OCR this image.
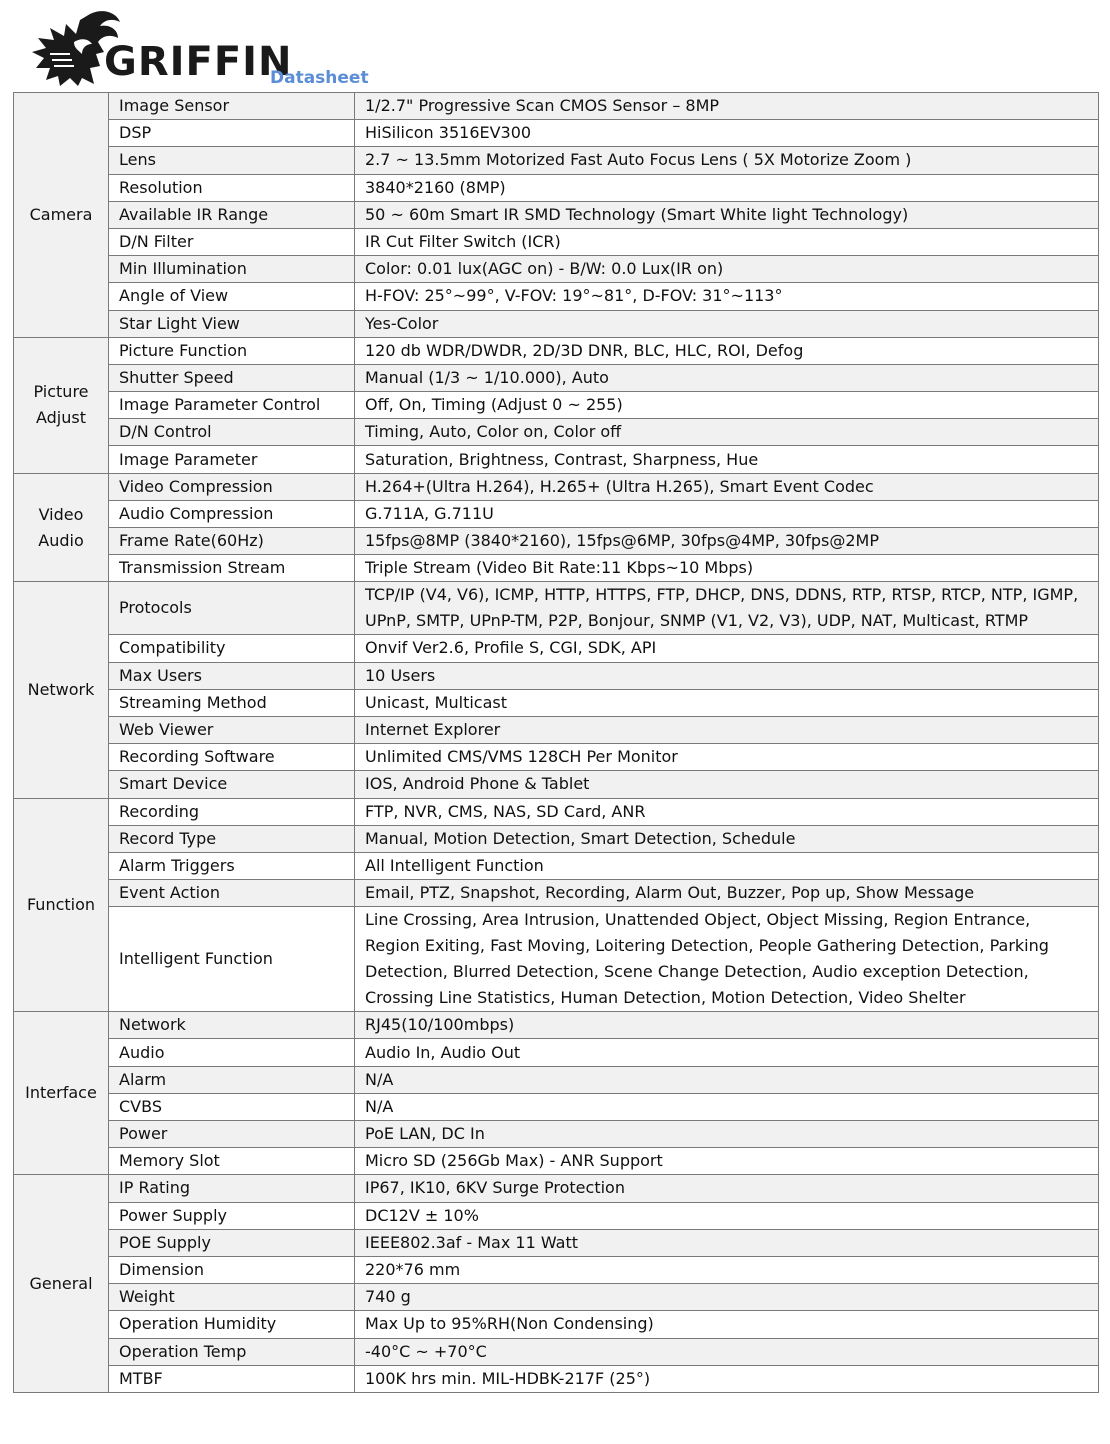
GRIFFIN
Datasheet
Camera	Image Sensor	1/2.7" Progressive Scan CMOS Sensor – 8MP
	DSP	HiSilicon 3516EV300
	Lens	2.7 ~ 13.5mm Motorized Fast Auto Focus Lens ( 5X Motorize Zoom )
	Resolution	3840*2160 (8MP)
	Available IR Range	50 ~ 60m Smart IR SMD Technology (Smart White light Technology)
	D/N Filter	IR Cut Filter Switch (ICR)
	Min Illumination	Color: 0.01 lux(AGC on) - B/W: 0.0 Lux(IR on)
	Angle of View	H-FOV: 25°~99°, V-FOV: 19°~81°, D-FOV: 31°~113°
	Star Light View	Yes-Color

Picture
Adjust	Picture Function	120 db WDR/DWDR, 2D/3D DNR, BLC, HLC, ROI, Defog
	Shutter Speed	Manual (1/3 ~ 1/10.000), Auto
	Image Parameter Control	Off, On, Timing (Adjust 0 ~ 255)
	D/N Control	Timing, Auto, Color on, Color off
	Image Parameter	Saturation, Brightness, Contrast, Sharpness, Hue

Video
Audio	Video Compression	H.264+(Ultra H.264), H.265+ (Ultra H.265), Smart Event Codec
	Audio Compression	G.711A, G.711U
	Frame Rate(60Hz)	15fps@8MP (3840*2160), 15fps@6MP, 30fps@4MP, 30fps@2MP
	Transmission Stream	Triple Stream (Video Bit Rate:11 Kbps~10 Mbps)
Network	Protocols	TCP/IP (V4, V6), ICMP, HTTP, HTTPS, FTP, DHCP, DNS, DDNS, RTP, RTSP, RTCP, NTP, IGMP, UPnP, SMTP, UPnP-TM, P2P, Bonjour, SNMP (V1, V2, V3), UDP, NAT, Multicast, RTMP
	Compatibility	Onvif Ver2.6, Profile S, CGI, SDK, API
	Max Users	10 Users
	Streaming Method	Unicast, Multicast
	Web Viewer	Internet Explorer
	Recording Software	Unlimited CMS/VMS 128CH Per Monitor
	Smart Device	IOS, Android Phone & Tablet
Function	Recording	FTP, NVR, CMS, NAS, SD Card, ANR
	Record Type	Manual, Motion Detection, Smart Detection, Schedule
	Alarm Triggers	All Intelligent Function
	Event Action	Email, PTZ, Snapshot, Recording, Alarm Out, Buzzer, Pop up, Show Message
	Intelligent Function	Line Crossing, Area Intrusion, Unattended Object, Object Missing, Region Entrance, Region Exiting, Fast Moving, Loitering Detection, People Gathering Detection, Parking Detection, Blurred Detection, Scene Change Detection, Audio exception Detection, Crossing Line Statistics, Human Detection, Motion Detection, Video Shelter
Interface	Network	RJ45(10/100mbps)
	Audio	Audio In, Audio Out
	Alarm	N/A
	CVBS	N/A
	Power	PoE LAN, DC In
	Memory Slot	Micro SD (256Gb Max) - ANR Support
General	IP Rating	IP67, IK10, 6KV Surge Protection
	Power Supply	DC12V ± 10%
	POE Supply	IEEE802.3af - Max 11 Watt
	Dimension	220*76 mm
	Weight	740 g
	Operation Humidity	Max Up to 95%RH(Non Condensing)
	Operation Temp	-40°C ~ +70°C
	MTBF	100K hrs min. MIL-HDBK-217F (25°)
